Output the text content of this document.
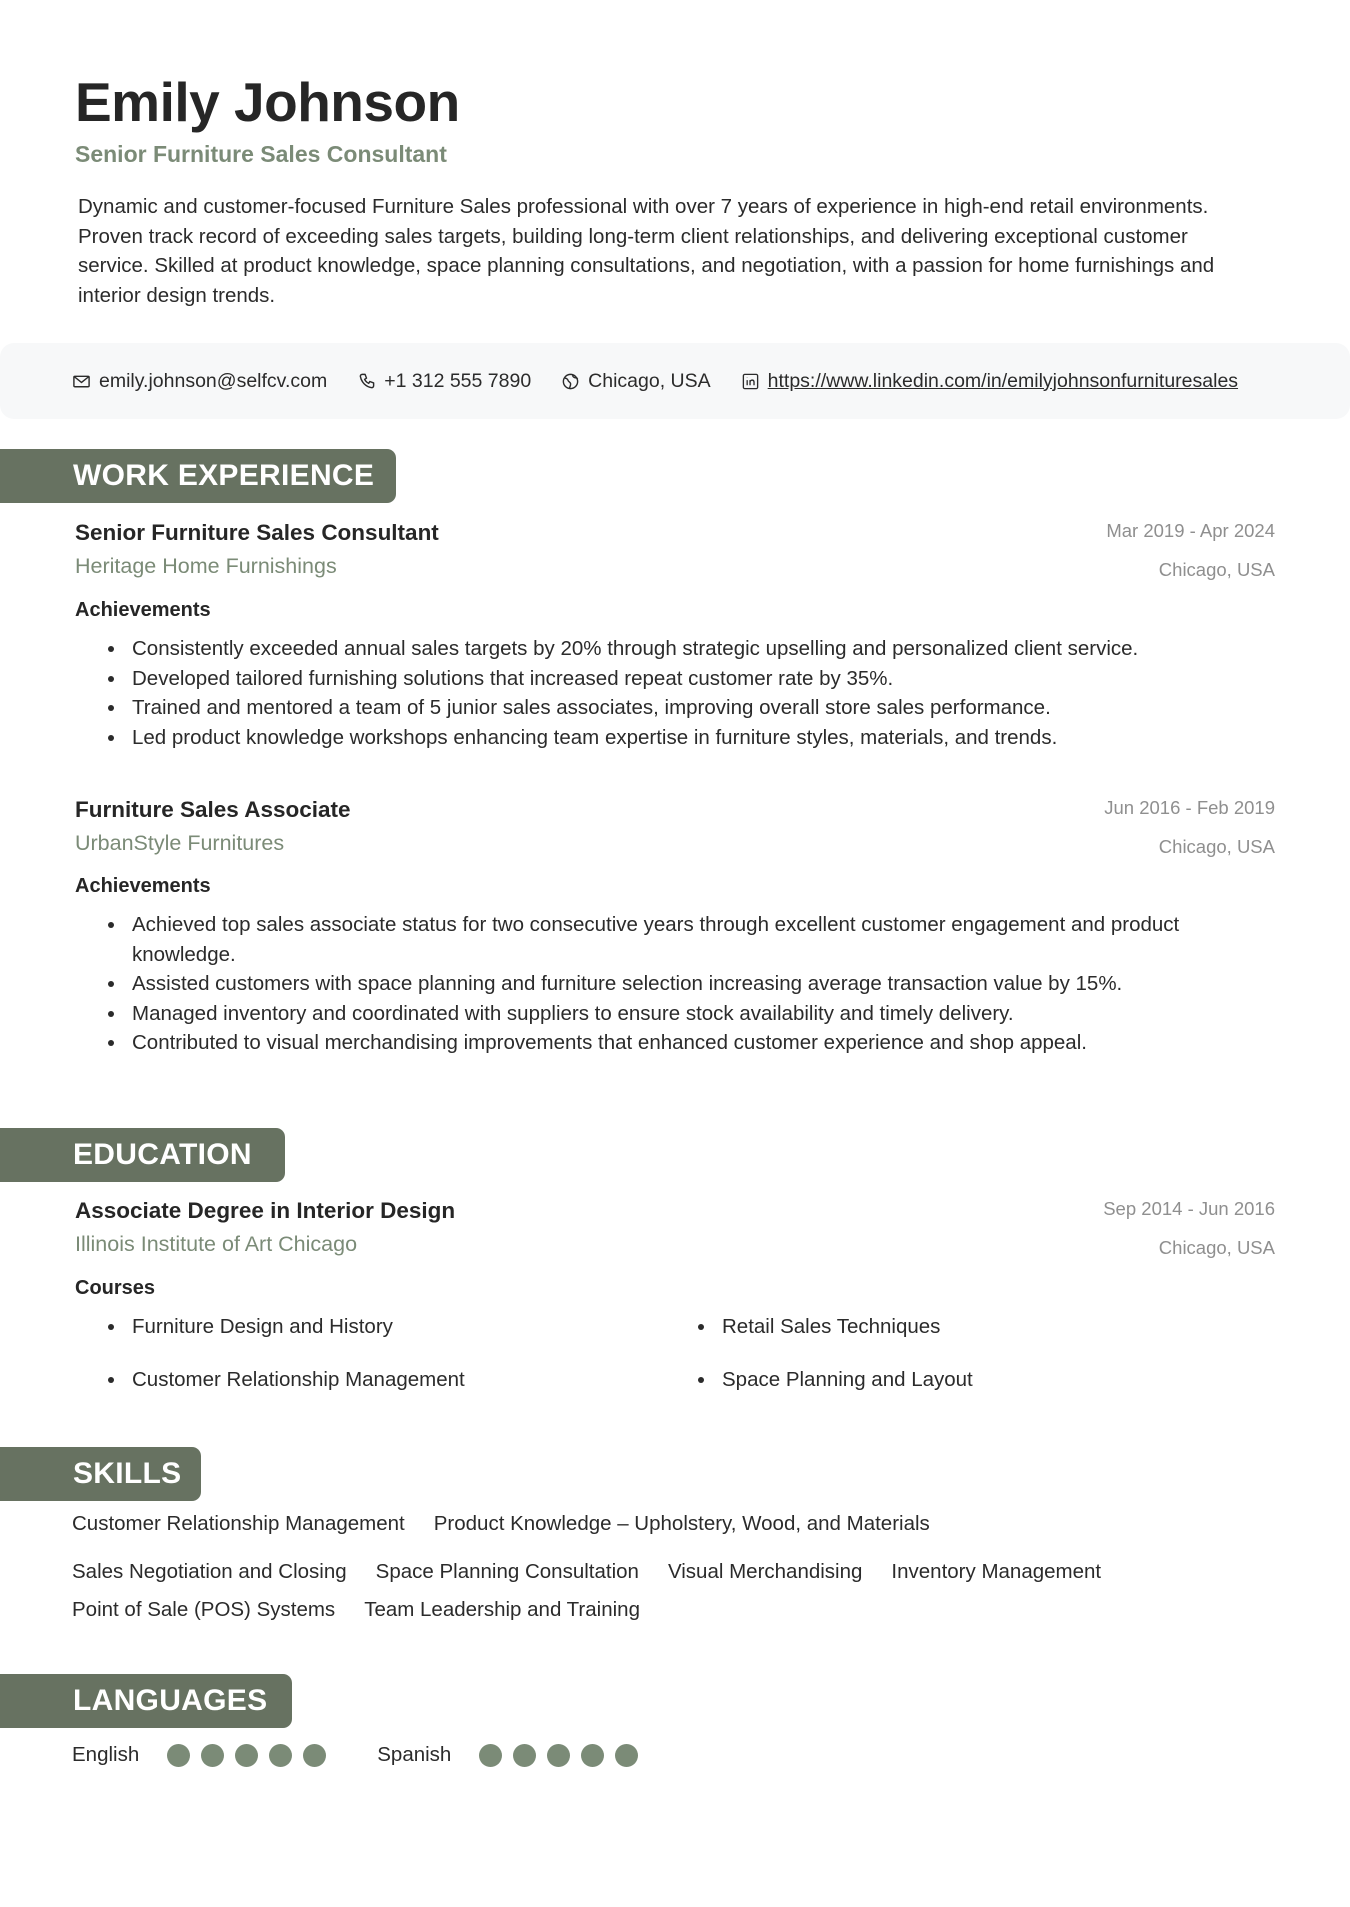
Emily Johnson
Senior Furniture Sales Consultant

Dynamic and customer-focused Furniture Sales professional with over 7 years of experience in high-end retail environments. Proven track record of exceeding sales targets, building long-term client relationships, and delivering exceptional customer service. Skilled at product knowledge, space planning consultations, and negotiation, with a passion for home furnishings and interior design trends.

emily.johnson@selfcv.com	+1 312 555 7890	Chicago, USA	https://www.linkedin.com/in/emilyjohnsonfurnituresales
WORK EXPERIENCE
Senior Furniture Sales Consultant	Mar 2019 - Apr 2024
Heritage Home Furnishings	Chicago, USA
Achievements
Consistently exceeded annual sales targets by 20% through strategic upselling and personalized client service.
Developed tailored furnishing solutions that increased repeat customer rate by 35%.
Trained and mentored a team of 5 junior sales associates, improving overall store sales performance.
Led product knowledge workshops enhancing team expertise in furniture styles, materials, and trends.
Furniture Sales Associate	Jun 2016 - Feb 2019
UrbanStyle Furnitures	Chicago, USA
Achievements
Achieved top sales associate status for two consecutive years through excellent customer engagement and product knowledge.
Assisted customers with space planning and furniture selection increasing average transaction value by 15%.
Managed inventory and coordinated with suppliers to ensure stock availability and timely delivery.
Contributed to visual merchandising improvements that enhanced customer experience and shop appeal.
EDUCATION
Associate Degree in Interior Design	Sep 2014 - Jun 2016
Illinois Institute of Art Chicago	Chicago, USA
Courses
Furniture Design and History	Retail Sales Techniques
Customer Relationship Management	Space Planning and Layout
SKILLS
Customer Relationship Management Product Knowledge – Upholstery, Wood, and Materials
Sales Negotiation and Closing Space Planning Consultation Visual Merchandising Inventory Management
Point of Sale (POS) Systems Team Leadership and Training
LANGUAGES
English	Spanish
